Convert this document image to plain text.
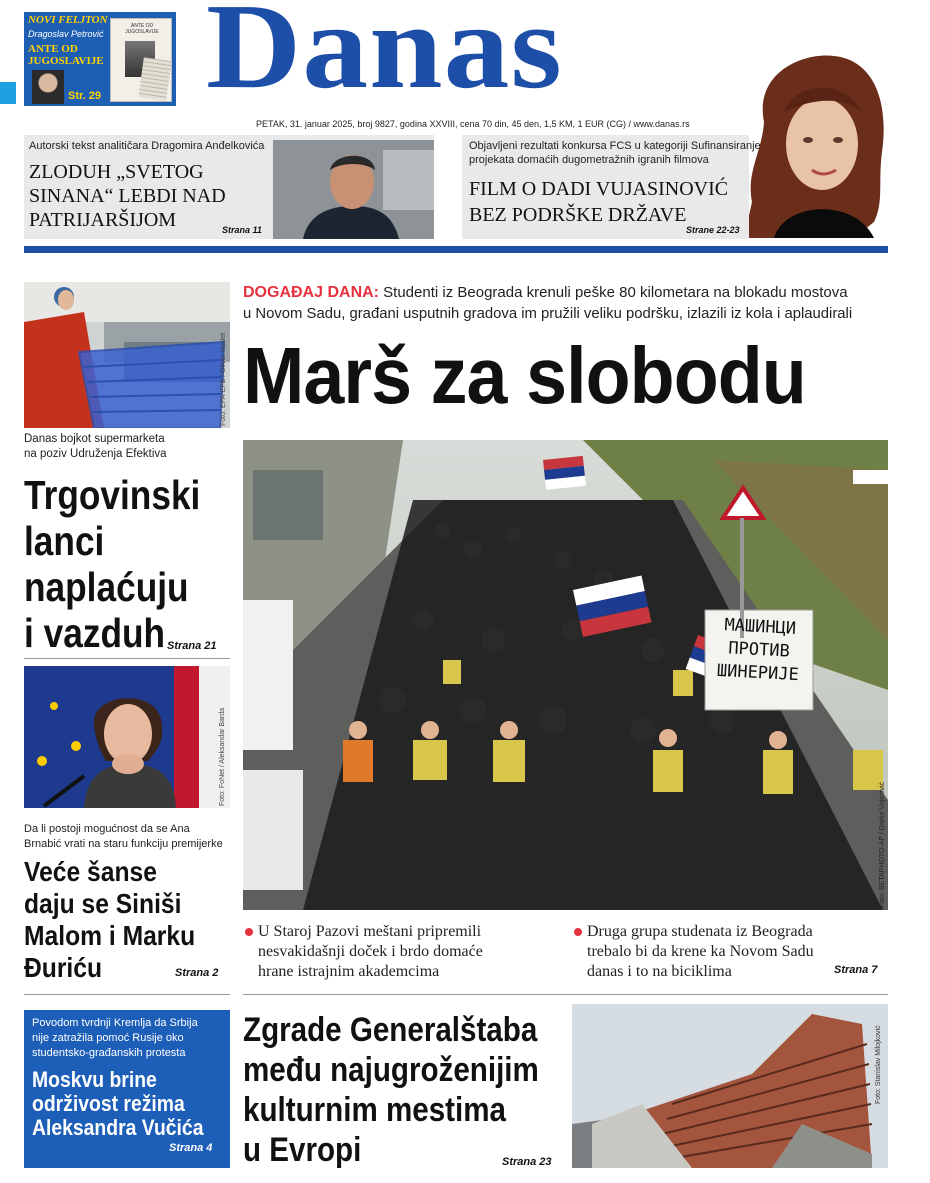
NOVI FELJTON
Dragoslav Petrović
ANTE OD JUGOSLAVIJE
Str. 29
ANTE OD JUGOSLAVIJE Danas
PETAK, 31. januar 2025, broj 9827, godina XXVIII, cena 70 din, 45 den, 1,5 KM, 1 EUR (CG) / www.danas.rs
Autorski tekst analitičara Dragomira Anđelkovića
ZLODUH „SVETOG
SINANA“ LEBDI NAD
PATRIJARŠIJOM	Strana 11
Objavljeni rezultati konkursa FCS u kategoriji Sufinansiranje
projekata domaćih dugometražnih igranih filmova
FILM O DADI VUJASINOVIĆ
BEZ PODRŠKE DRŽAVE
Strane 22-23
Foto: EPA-EFE / Oliver Hoslet
Danas bojkot supermarketa
na poziv Udruženja Efektiva
Trgovinski
lanci
naplaćuju
i vazduh Strana 21
Foto: FoNet / Aleksandar Barda
Da li postoji mogućnost da se Ana
Brnabić vrati na staru funkciju premijerke
Veće šanse
daju se Siniši
Malom i Marku
Đuriću	Strana 2
Povodom tvrdnji Kremlja da Srbija
nije zatražila pomoć Rusije oko
studentsko-građanskih protesta
Moskvu brine
održivost režima
Aleksandra Vučića
Strana 4
DOGAĐAJ DANA: Studenti iz Beograda krenuli peške 80 kilometara na blokadu mostova
u Novom Sadu, građani usputnih gradova im pružili veliku podršku, izlazili iz kola i aplaudirali
Marš za slobodu
МАШИНЦИ
ПРОТИВ
ШИНЕРИЈЕ
Foto: BETAPHOTO-AP / Darko Vojinović
U Staroj Pazovi meštani pripremili
nesvakidašnji doček i brdo domaće
hrane istrajnim akademcima
Druga grupa studenata iz Beograda
trebalo bi da krene ka Novom Sadu
danas i to na biciklima	Strana 7
Zgrade Generalštaba
među najugroženijim
kulturnim mestima
u Evropi	Strana 23
Foto: Stanislav Milojković
